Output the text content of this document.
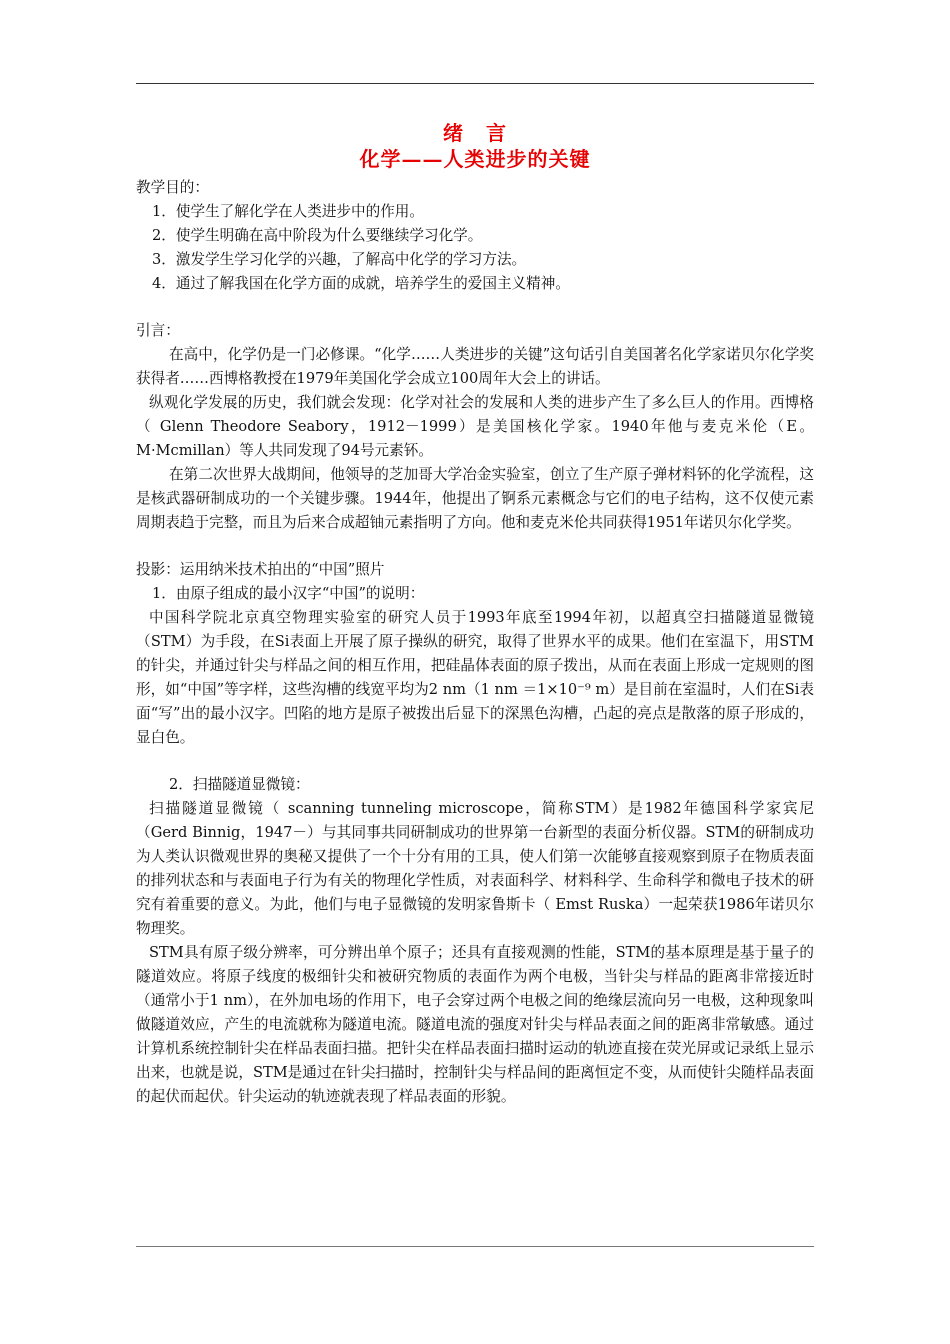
绪 言
化学——人类进步的关键

教学目的：

1．使学生了解化学在人类进步中的作用。

2．使学生明确在高中阶段为什么要继续学习化学。

3．激发学生学习化学的兴趣，了解高中化学的学习方法。

4．通过了解我国在化学方面的成就，培养学生的爱国主义精神。

引言：

在高中，化学仍是一门必修课。“化学……人类进步的关键”这句话引自美国著名化学家诺贝尔化学奖获得者……西博格教授在1979年美国化学会成立100周年大会上的讲话。

纵观化学发展的历史，我们就会发现：化学对社会的发展和人类的进步产生了多么巨人的作用。西博格（ Glenn Theodore Seabory，1912－1999）是美国核化学家。1940年他与麦克米伦（E。M·Mcmillan）等人共同发现了94号元素钚。

在第二次世界大战期间，他领导的芝加哥大学冶金实验室，创立了生产原子弹材料钚的化学流程，这是核武器研制成功的一个关键步骤。1944年，他提出了锕系元素概念与它们的电子结构，这不仅使元素周期表趋于完整，而且为后来合成超铀元素指明了方向。他和麦克米伦共同获得1951年诺贝尔化学奖。

投影：运用纳米技术拍出的“中国”照片

1．由原子组成的最小汉字“中国”的说明：

中国科学院北京真空物理实验室的研究人员于1993年底至1994年初，以超真空扫描隧道显微镜（STM）为手段，在Si表面上开展了原子操纵的研究，取得了世界水平的成果。他们在室温下，用STM的针尖，并通过针尖与样品之间的相互作用，把硅晶体表面的原子拨出，从而在表面上形成一定规则的图形，如“中国”等字样，这些沟槽的线宽平均为2 nm（1 nm ＝1×10⁻⁹ m）是目前在室温时，人们在Si表面“写”出的最小汉字。凹陷的地方是原子被拨出后显下的深黑色沟槽，凸起的亮点是散落的原子形成的，显白色。

2．扫描隧道显微镜：

扫描隧道显微镜（ scanning tunneling microscope，简称STM）是1982年德国科学家宾尼（Gerd Binnig，1947－）与其同事共同研制成功的世界第一台新型的表面分析仪器。STM的研制成功为人类认识微观世界的奥秘又提供了一个十分有用的工具，使人们第一次能够直接观察到原子在物质表面的排列状态和与表面电子行为有关的物理化学性质，对表面科学、材料科学、生命科学和微电子技术的研究有着重要的意义。为此，他们与电子显微镜的发明家鲁斯卡（ Emst Ruska）一起荣获1986年诺贝尔物理奖。

STM具有原子级分辨率，可分辨出单个原子；还具有直接观测的性能，STM的基本原理是基于量子的隧道效应。将原子线度的极细针尖和被研究物质的表面作为两个电极，当针尖与样品的距离非常接近时（通常小于1 nm），在外加电场的作用下，电子会穿过两个电极之间的绝缘层流向另一电极，这种现象叫做隧道效应，产生的电流就称为隧道电流。隧道电流的强度对针尖与样品表面之间的距离非常敏感。通过计算机系统控制针尖在样品表面扫描。把针尖在样品表面扫描时运动的轨迹直接在荧光屏或记录纸上显示出来，也就是说，STM是通过在针尖扫描时，控制针尖与样品间的距离恒定不变，从而使针尖随样品表面的起伏而起伏。针尖运动的轨迹就表现了样品表面的形貌。
